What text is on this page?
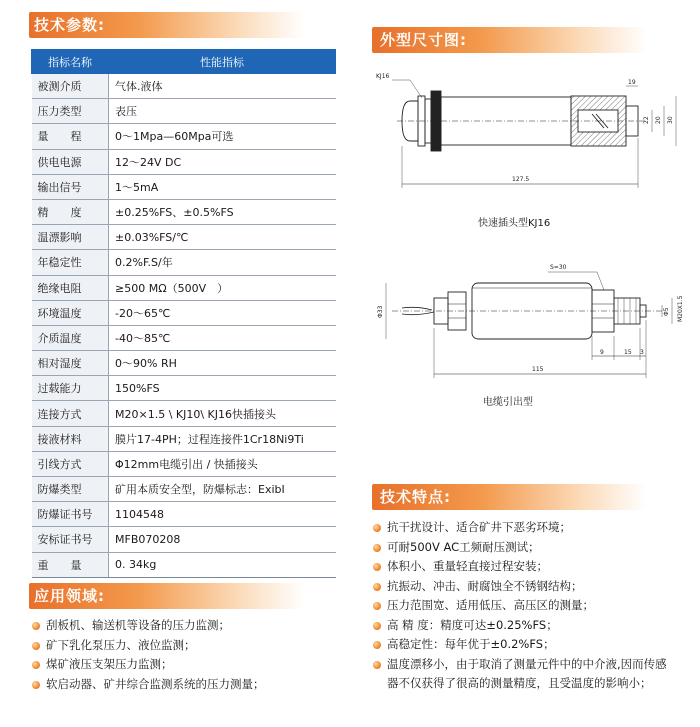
技术参数:
外型尺寸图:
技术特点:
应用领域:
指标名称	性能指标
被测介质	气体.液体
压力类型	表压
量　　程	0～1Mpa—60Mpa可选
供电电源	12～24V DC
输出信号	1～5mA
精　　度	±0.25%FS、±0.5%FS
温漂影响	±0.03%FS/℃
年稳定性	0.2%F.S/年
绝缘电阻	≥500 MΩ（500V　）
环境温度	-20～65℃
介质温度	-40～85℃
相对湿度	0～90% RH
过载能力	150%FS
连接方式	M20×1.5 \ KJ10\ KJ16快插接头
接液材料	膜片17-4PH；过程连接件1Cr18Ni9Ti
引线方式	Φ12mm电缆引出 / 快插接头
防爆类型	矿用本质安全型，防爆标志：ExibⅠ
防爆证书号	1104548
安标证书号	MFB070208
重　　量	0. 34kg
刮板机、输送机等设备的压力监测；
矿下乳化泵压力、液位监测；
煤矿液压支架压力监测；
软启动器、矿井综合监测系统的压力测量；
抗干扰设计、适合矿井下恶劣环境；
可耐500V AC工频耐压测试；
体积小、重量轻直接过程安装；
抗振动、冲击、耐腐蚀全不锈钢结构；
压力范围宽、适用低压、高压区的测量；
高 精 度：精度可达±0.25%FS；
高稳定性：每年优于±0.2%FS；
温度漂移小，由于取消了测量元件中的中介液,因而传感
器不仅获得了很高的测量精度，且受温度的影响小；
KJ16
19
22 20 30
127.5
快速插头型KJ16
S=30
Φ33	M20X1.5
Φ5
9	15 3
115
电缆引出型
